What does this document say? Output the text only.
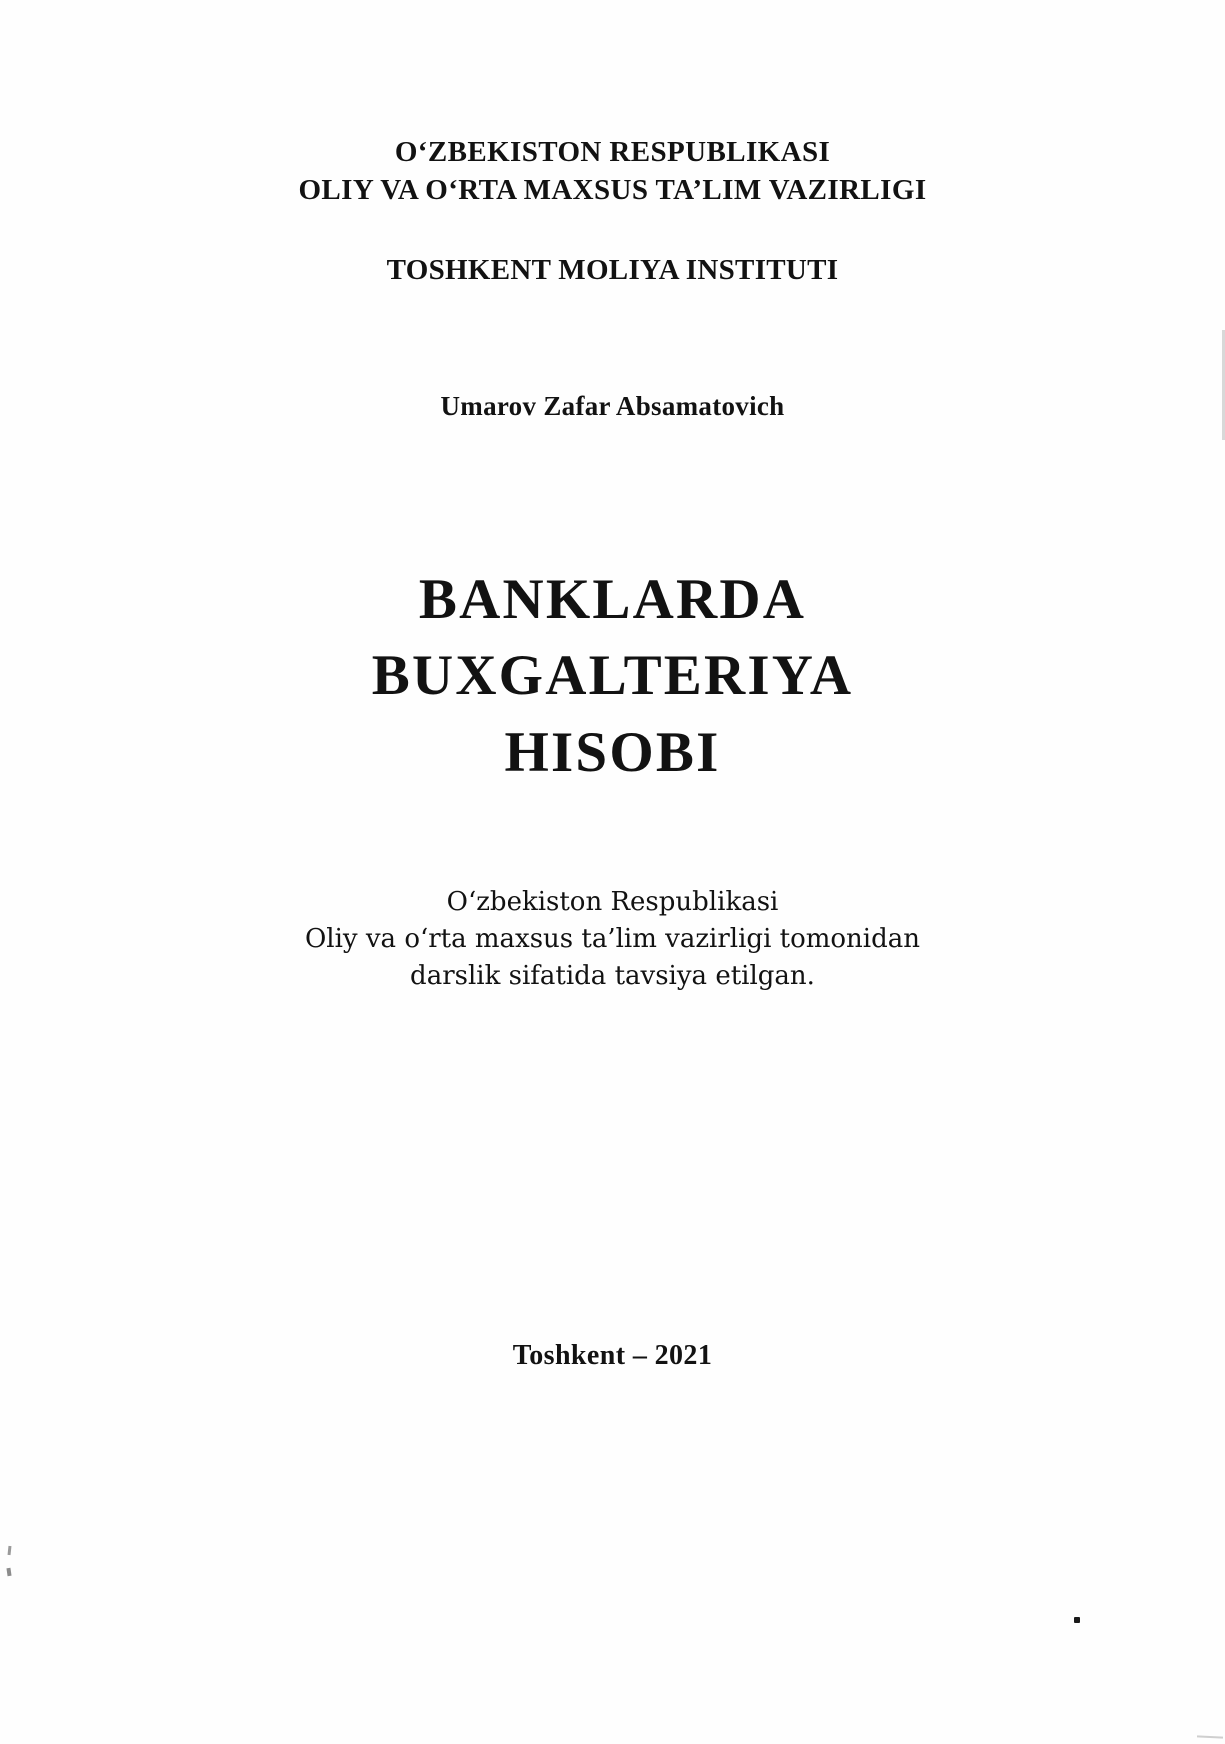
O‘ZBEKISTON RESPUBLIKASI
OLIY VA O‘RTA MAXSUS TA’LIM VAZIRLIGI
TOSHKENT MOLIYA INSTITUTI
Umarov Zafar Absamatovich
BANKLARDA
BUXGALTERIYA
HISOBI
O‘zbekiston Respublikasi
Oliy va o‘rta maxsus ta’lim vazirligi tomonidan
darslik sifatida tavsiya etilgan.
Toshkent – 2021
